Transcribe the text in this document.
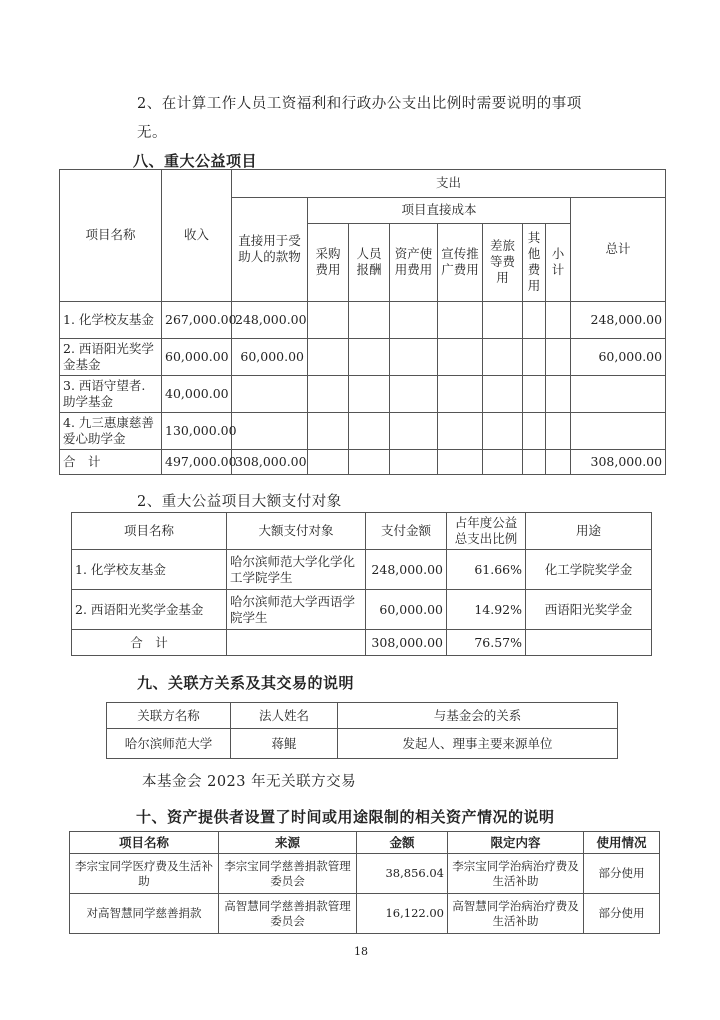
2、在计算工作人员工资福利和行政办公支出比例时需要说明的事项
无。
八、重大公益项目
项目名称	收入	支出								
		直接用于受助人的款物	项目直接成本							总计
			采购费用	人员报酬	资产使用费用	宣传推广费用	差旅等费用	其他费用	小计	
1. 化学校友基金	267,000.00	248,000.00								248,000.00
2. 西语阳光奖学金基金	60,000.00	60,000.00								60,000.00
3. 西语守望者. 助学基金	40,000.00									
4. 九三惠康慈善爱心助学金	130,000.00									
合　计	497,000.00	308,000.00								308,000.00
2、重大公益项目大额支付对象
项目名称	大额支付对象	支付金额	占年度公益总支出比例	用途
1. 化学校友基金	哈尔滨师范大学化学化工学院学生	248,000.00	61.66%	化工学院奖学金
2. 西语阳光奖学金基金	哈尔滨师范大学西语学院学生	60,000.00	14.92%	西语阳光奖学金
合　计		308,000.00	76.57%	
九、关联方关系及其交易的说明
关联方名称	法人姓名	与基金会的关系
哈尔滨师范大学	蒋鲲	发起人、理事主要来源单位
本基金会 2023 年无关联方交易
十、资产提供者设置了时间或用途限制的相关资产情况的说明
项目名称	来源	金额	限定内容	使用情况
李宗宝同学医疗费及生活补助	李宗宝同学慈善捐款管理委员会	38,856.04	李宗宝同学治病治疗费及生活补助	部分使用
对高智慧同学慈善捐款	高智慧同学慈善捐款管理委员会	16,122.00	高智慧同学治病治疗费及生活补助	部分使用
18
